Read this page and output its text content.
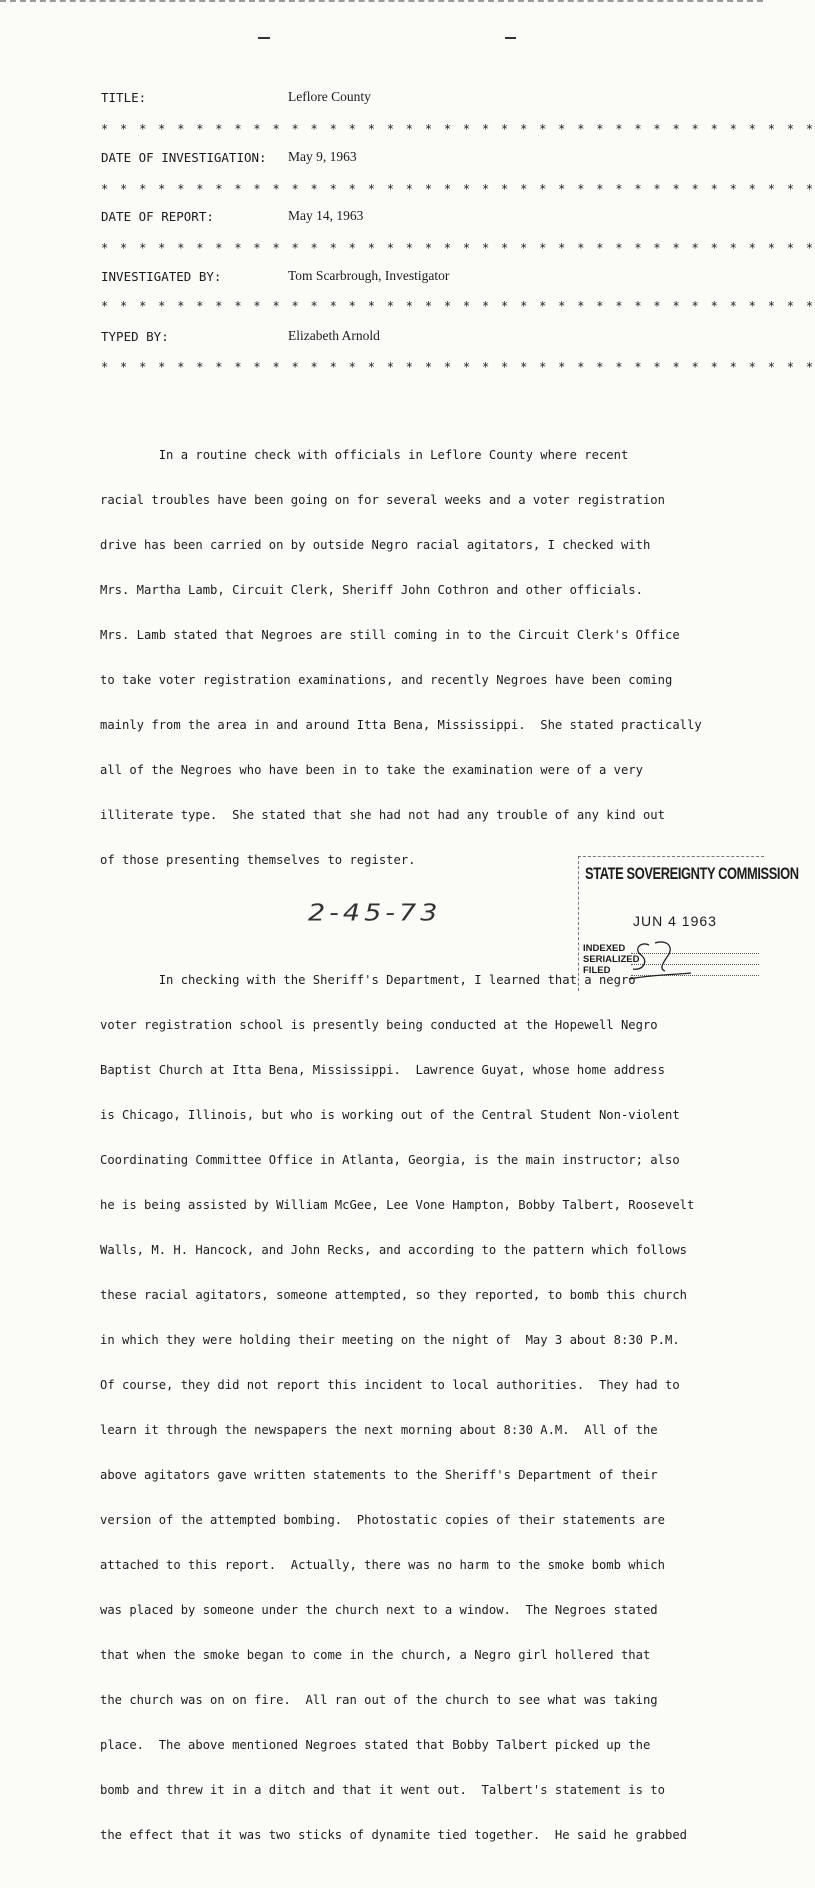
TITLE:	Leflore County
* * * * * * * * * * * * * * * * * * * * * * * * * * * * * * * * * * * * * *
DATE OF INVESTIGATION: May 9, 1963
* * * * * * * * * * * * * * * * * * * * * * * * * * * * * * * * * * * * * *
DATE OF REPORT:	May 14, 1963
* * * * * * * * * * * * * * * * * * * * * * * * * * * * * * * * * * * * * *
INVESTIGATED BY:	Tom Scarbrough, Investigator
* * * * * * * * * * * * * * * * * * * * * * * * * * * * * * * * * * * * * *
TYPED BY:	Elizabeth Arnold
* * * * * * * * * * * * * * * * * * * * * * * * * * * * * * * * * * * * * *

In a routine check with officials in Leflore County where recent

racial troubles have been going on for several weeks and a voter registration

drive has been carried on by outside Negro racial agitators, I checked with

Mrs. Martha Lamb, Circuit Clerk, Sheriff John Cothron and other officials.

Mrs. Lamb stated that Negroes are still coming in to the Circuit Clerk's Office

to take voter registration examinations, and recently Negroes have been coming

mainly from the area in and around Itta Bena, Mississippi.  She stated practically

all of the Negroes who have been in to take the examination were of a very

illiterate type.  She stated that she had not had any trouble of any kind out

of those presenting themselves to register.

In checking with the Sheriff's Department, I learned that a negro

voter registration school is presently being conducted at the Hopewell Negro

Baptist Church at Itta Bena, Mississippi.  Lawrence Guyat, whose home address

is Chicago, Illinois, but who is working out of the Central Student Non-violent

Coordinating Committee Office in Atlanta, Georgia, is the main instructor; also

he is being assisted by William McGee, Lee Vone Hampton, Bobby Talbert, Roosevelt

Walls, M. H. Hancock, and John Recks, and according to the pattern which follows

these racial agitators, someone attempted, so they reported, to bomb this church

in which they were holding their meeting on the night of  May 3 about 8:30 P.M.

Of course, they did not report this incident to local authorities.  They had to

learn it through the newspapers the next morning about 8:30 A.M.  All of the

above agitators gave written statements to the Sheriff's Department of their

version of the attempted bombing.  Photostatic copies of their statements are

attached to this report.  Actually, there was no harm to the smoke bomb which

was placed by someone under the church next to a window.  The Negroes stated

that when the smoke began to come in the church, a Negro girl hollered that

the church was on on fire.  All ran out of the church to see what was taking

place.  The above mentioned Negroes stated that Bobby Talbert picked up the

bomb and threw it in a ditch and that it went out.  Talbert's statement is to

the effect that it was two sticks of dynamite tied together.  He said he grabbed

2-45-73
STATE SOVEREIGNTY COMMISSION
JUN 4 1963
INDEXED
SERIALIZED
FILED
